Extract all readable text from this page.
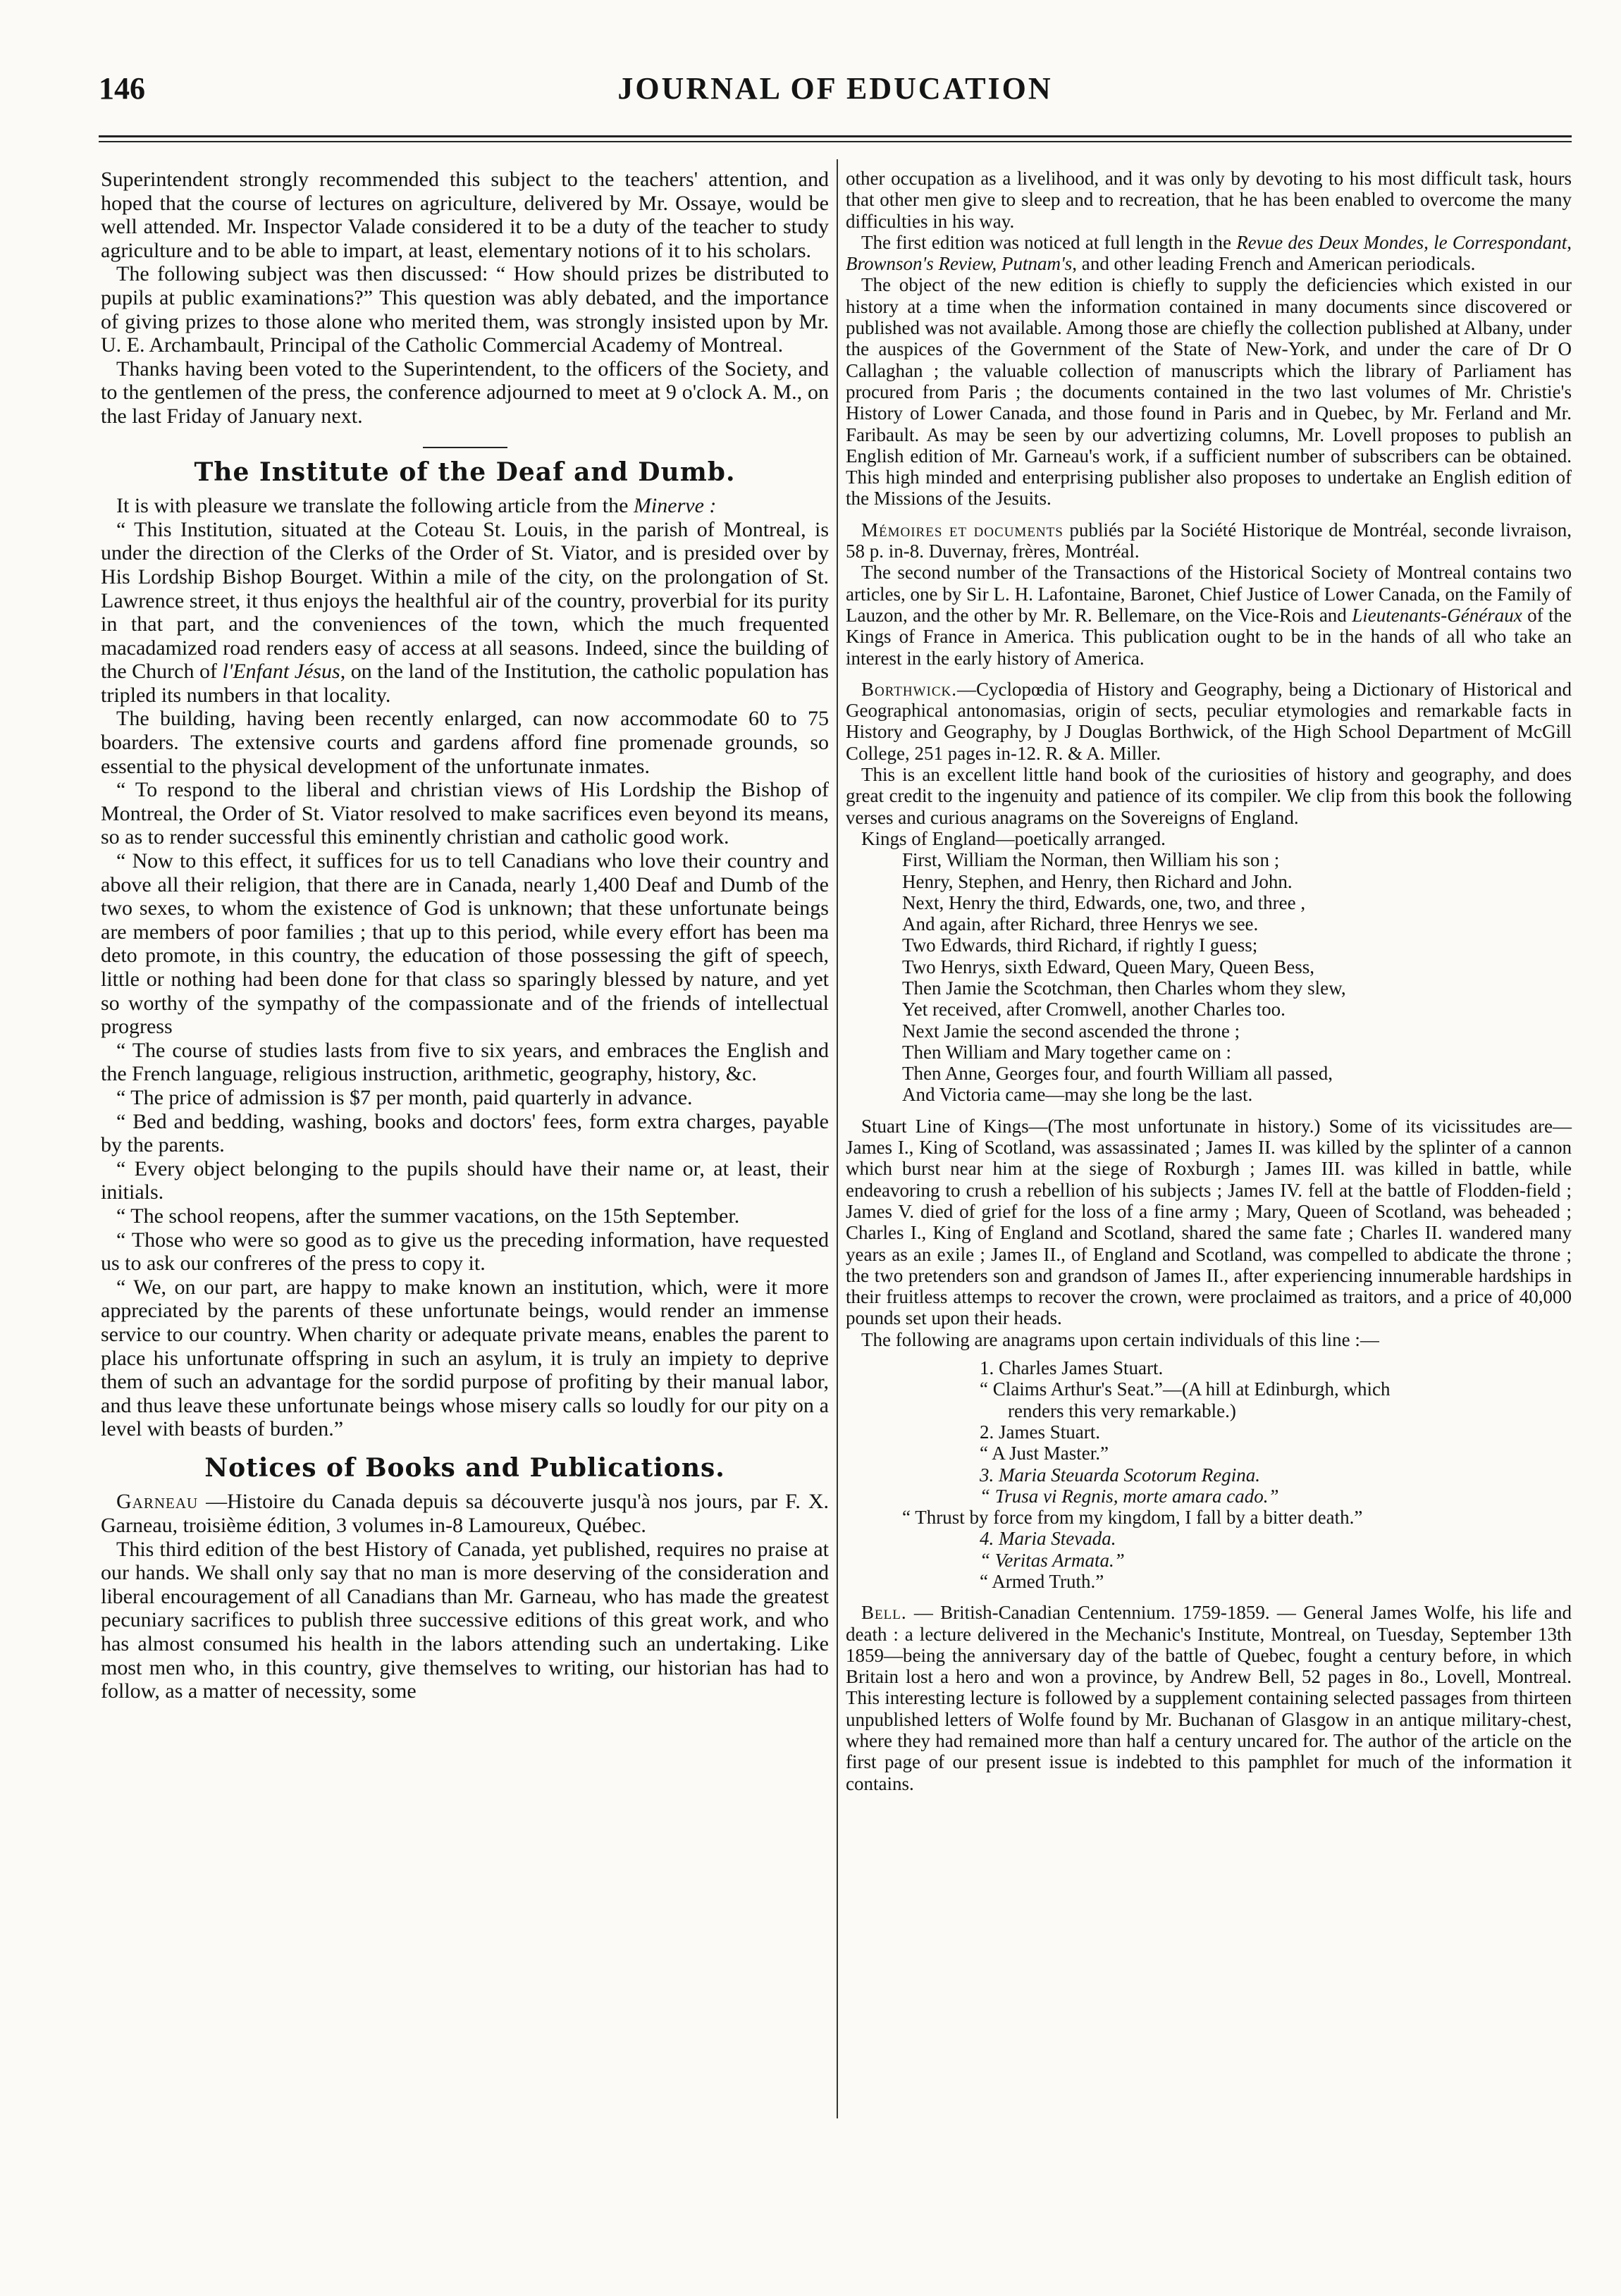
146	JOURNAL OF EDUCATION

Superintendent strongly recommended this subject to the teachers' attention, and hoped that the course of lectures on agriculture, delivered by Mr. Ossaye, would be well attended. Mr. Inspector Valade considered it to be a duty of the teacher to study agriculture and to be able to impart, at least, elementary notions of it to his scholars.

The following subject was then discussed: “ How should prizes be distributed to pupils at public examinations?” This question was ably debated, and the importance of giving prizes to those alone who merited them, was strongly insisted upon by Mr. U. E. Archambault, Principal of the Catholic Commercial Academy of Montreal.

Thanks having been voted to the Superintendent, to the officers of the Society, and to the gentlemen of the press, the conference adjourned to meet at 9 o'clock A. M., on the last Friday of January next.

The Institute of the Deaf and Dumb.

It is with pleasure we translate the following article from the Minerve :

“ This Institution, situated at the Coteau St. Louis, in the parish of Montreal, is under the direction of the Clerks of the Order of St. Viator, and is presided over by His Lordship Bishop Bourget. Within a mile of the city, on the prolongation of St. Lawrence street, it thus enjoys the healthful air of the country, proverbial for its purity in that part, and the conveniences of the town, which the much frequented macadamized road renders easy of access at all seasons. Indeed, since the building of the Church of l'Enfant Jésus, on the land of the Institution, the catholic population has tripled its numbers in that locality.

The building, having been recently enlarged, can now accommodate 60 to 75 boarders. The extensive courts and gardens afford fine promenade grounds, so essential to the physical development of the unfortunate inmates.

“ To respond to the liberal and christian views of His Lordship the Bishop of Montreal, the Order of St. Viator resolved to make sacrifices even beyond its means, so as to render successful this eminently christian and catholic good work.

“ Now to this effect, it suffices for us to tell Canadians who love their country and above all their religion, that there are in Canada, nearly 1,400 Deaf and Dumb of the two sexes, to whom the existence of God is unknown; that these unfortunate beings are members of poor families ; that up to this period, while every effort has been ma deto promote, in this country, the education of those possessing the gift of speech, little or nothing had been done for that class so sparingly blessed by nature, and yet so worthy of the sympathy of the compassionate and of the friends of intellectual progress

“ The course of studies lasts from five to six years, and embraces the English and the French language, religious instruction, arithmetic, geography, history, &c.

“ The price of admission is $7 per month, paid quarterly in advance.

“ Bed and bedding, washing, books and doctors' fees, form extra charges, payable by the parents.

“ Every object belonging to the pupils should have their name or, at least, their initials.

“ The school reopens, after the summer vacations, on the 15th September.

“ Those who were so good as to give us the preceding information, have requested us to ask our confreres of the press to copy it.

“ We, on our part, are happy to make known an institution, which, were it more appreciated by the parents of these unfortunate beings, would render an immense service to our country. When charity or adequate private means, enables the parent to place his unfortunate offspring in such an asylum, it is truly an impiety to deprive them of such an advantage for the sordid purpose of profiting by their manual labor, and thus leave these unfortunate beings whose misery calls so loudly for our pity on a level with beasts of burden.”

Notices of Books and Publications.

Garneau —Histoire du Canada depuis sa découverte jusqu'à nos jours, par F. X. Garneau, troisième édition, 3 volumes in-8 Lamoureux, Québec.

This third edition of the best History of Canada, yet published, requires no praise at our hands. We shall only say that no man is more deserving of the consideration and liberal encouragement of all Canadians than Mr. Garneau, who has made the greatest pecuniary sacrifices to publish three successive editions of this great work, and who has almost consumed his health in the labors attending such an undertaking. Like most men who, in this country, give themselves to writing, our historian has had to follow, as a matter of necessity, some

other occupation as a livelihood, and it was only by devoting to his most difficult task, hours that other men give to sleep and to recreation, that he has been enabled to overcome the many difficulties in his way.

The first edition was noticed at full length in the Revue des Deux Mondes, le Correspondant, Brownson's Review, Putnam's, and other leading French and American periodicals.

The object of the new edition is chiefly to supply the deficiencies which existed in our history at a time when the information contained in many documents since discovered or published was not available. Among those are chiefly the collection published at Albany, under the auspices of the Government of the State of New-York, and under the care of Dr O Callaghan ; the valuable collection of manuscripts which the library of Parliament has procured from Paris ; the documents contained in the two last volumes of Mr. Christie's History of Lower Canada, and those found in Paris and in Quebec, by Mr. Ferland and Mr. Faribault. As may be seen by our advertizing columns, Mr. Lovell proposes to publish an English edition of Mr. Garneau's work, if a sufficient number of subscribers can be obtained. This high minded and enterprising publisher also proposes to undertake an English edition of the Missions of the Jesuits.

Mémoires et documents publiés par la Société Historique de Montréal, seconde livraison, 58 p. in-8. Duvernay, frères, Montréal.

The second number of the Transactions of the Historical Society of Montreal contains two articles, one by Sir L. H. Lafontaine, Baronet, Chief Justice of Lower Canada, on the Family of Lauzon, and the other by Mr. R. Bellemare, on the Vice-Rois and Lieutenants-Généraux of the Kings of France in America. This publication ought to be in the hands of all who take an interest in the early history of America.

Borthwick.—Cyclopœdia of History and Geography, being a Dictionary of Historical and Geographical antonomasias, origin of sects, peculiar etymologies and remarkable facts in History and Geography, by J Douglas Borthwick, of the High School Department of McGill College, 251 pages in-12. R. & A. Miller.

This is an excellent little hand book of the curiosities of history and geography, and does great credit to the ingenuity and patience of its compiler. We clip from this book the following verses and curious anagrams on the Sovereigns of England.

Kings of England—poetically arranged.

First, William the Norman, then William his son ;
Henry, Stephen, and Henry, then Richard and John.
Next, Henry the third, Edwards, one, two, and three ,
And again, after Richard, three Henrys we see.
Two Edwards, third Richard, if rightly I guess;
Two Henrys, sixth Edward, Queen Mary, Queen Bess,
Then Jamie the Scotchman, then Charles whom they slew,
Yet received, after Cromwell, another Charles too.
Next Jamie the second ascended the throne ;
Then William and Mary together came on :
Then Anne, Georges four, and fourth William all passed,
And Victoria came—may she long be the last.

Stuart Line of Kings—(The most unfortunate in history.) Some of its vicissitudes are—James I., King of Scotland, was assassinated ; James II. was killed by the splinter of a cannon which burst near him at the siege of Roxburgh ; James III. was killed in battle, while endeavoring to crush a rebellion of his subjects ; James IV. fell at the battle of Flodden-field ; James V. died of grief for the loss of a fine army ; Mary, Queen of Scotland, was beheaded ; Charles I., King of England and Scotland, shared the same fate ; Charles II. wandered many years as an exile ; James II., of England and Scotland, was compelled to abdicate the throne ; the two pretenders son and grandson of James II., after experiencing innumerable hardships in their fruitless attemps to recover the crown, were proclaimed as traitors, and a price of 40,000 pounds set upon their heads.

The following are anagrams upon certain individuals of this line :—

1. Charles James Stuart.
“ Claims Arthur's Seat.”—(A hill at Edinburgh, which
renders this very remarkable.)
2. James Stuart.
“ A Just Master.”
3. Maria Steuarda Scotorum Regina.
“ Trusa vi Regnis, morte amara cado.”
“ Thrust by force from my kingdom, I fall by a bitter death.”
4. Maria Stevada.
“ Veritas Armata.”
“ Armed Truth.”

Bell. — British-Canadian Centennium. 1759-1859. — General James Wolfe, his life and death : a lecture delivered in the Mechanic's Institute, Montreal, on Tuesday, September 13th 1859—being the anniversary day of the battle of Quebec, fought a century before, in which Britain lost a hero and won a province, by Andrew Bell, 52 pages in 8o., Lovell, Montreal. This interesting lecture is followed by a supplement containing selected passages from thirteen unpublished letters of Wolfe found by Mr. Buchanan of Glasgow in an antique military-chest, where they had remained more than half a century uncared for. The author of the article on the first page of our present issue is indebted to this pamphlet for much of the information it contains.
